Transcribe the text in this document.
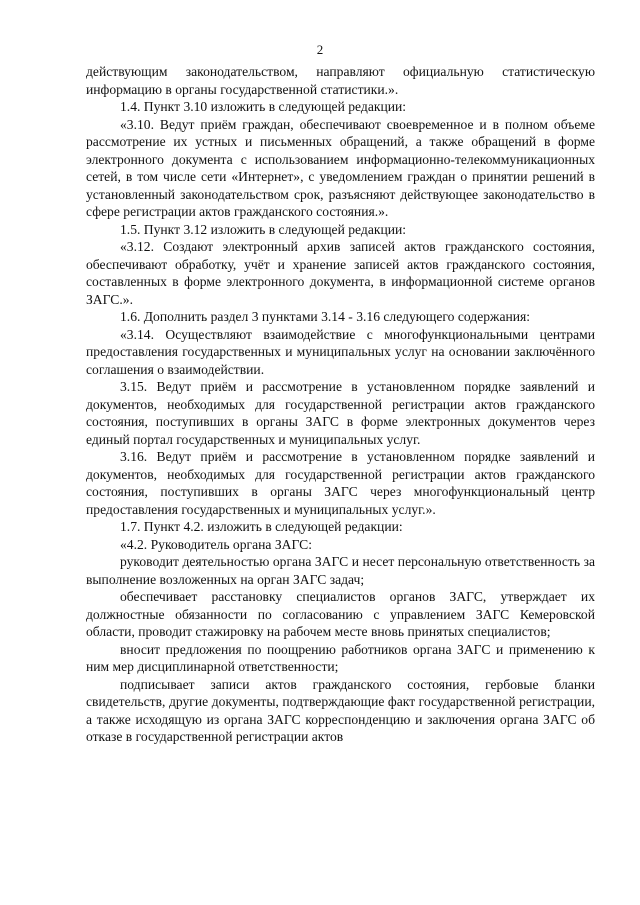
2

действующим законодательством, направляют официальную статистическую информацию в органы государственной статистики.».

1.4. Пункт 3.10 изложить в следующей редакции:

«3.10. Ведут приём граждан, обеспечивают своевременное и в полном объеме рассмотрение их устных и письменных обращений, а также обращений в форме электронного документа с использованием информационно-телекоммуникационных сетей, в том числе сети «Интернет», с уведомлением граждан о принятии решений в установленный законодательством срок, разъясняют действующее законодательство в сфере регистрации актов гражданского состояния.».

1.5. Пункт 3.12 изложить в следующей редакции:

«3.12. Создают электронный архив записей актов гражданского состояния, обеспечивают обработку, учёт и хранение записей актов гражданского состояния, составленных в форме электронного документа, в информационной системе органов ЗАГС.».

1.6. Дополнить раздел 3 пунктами 3.14 - 3.16 следующего содержания:

«3.14. Осуществляют взаимодействие с многофункциональными центрами предоставления государственных и муниципальных услуг на основании заключённого соглашения о взаимодействии.

3.15. Ведут приём и рассмотрение в установленном порядке заявлений и документов, необходимых для государственной регистрации актов гражданского состояния, поступивших в органы ЗАГС в форме электронных документов через единый портал государственных и муниципальных услуг.

3.16. Ведут приём и рассмотрение в установленном порядке заявлений и документов, необходимых для государственной регистрации актов гражданского состояния, поступивших в органы ЗАГС через многофункциональный центр предоставления государственных и муниципальных услуг.».

1.7. Пункт 4.2. изложить в следующей редакции:

«4.2. Руководитель органа ЗАГС:

руководит деятельностью органа ЗАГС и несет персональную ответственность за выполнение возложенных на орган ЗАГС задач;

обеспечивает расстановку специалистов органов ЗАГС, утверждает их должностные обязанности по согласованию с управлением ЗАГС Кемеровской области, проводит стажировку на рабочем месте вновь принятых специалистов;

вносит предложения по поощрению работников органа ЗАГС и применению к ним мер дисциплинарной ответственности;

подписывает записи актов гражданского состояния, гербовые бланки свидетельств, другие документы, подтверждающие факт государственной регистрации, а также исходящую из органа ЗАГС корреспонденцию и заключения органа ЗАГС об отказе в государственной регистрации актов
